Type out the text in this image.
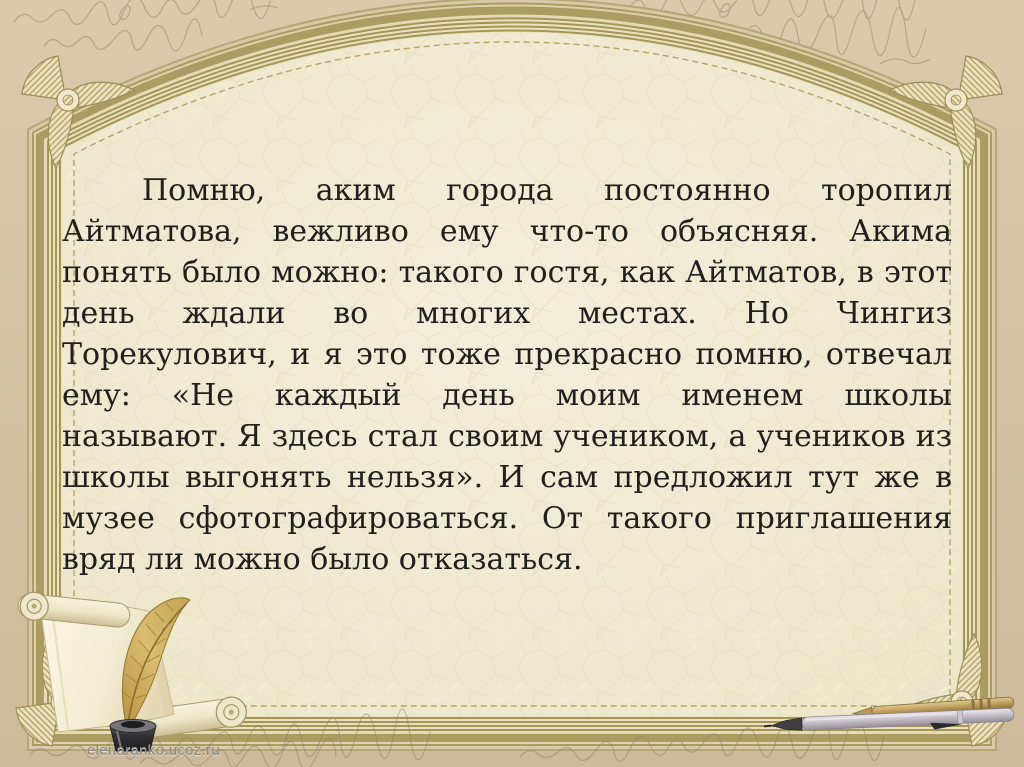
Помню, аким города постоянно торопил
Айтматова, вежливо ему что-то объясняя. Акима
понять было можно: такого гостя, как Айтматов, в этот
день ждали во многих местах. Но Чингиз
Торекулович, и я это тоже прекрасно помню, отвечал
ему: «Не каждый день моим именем школы
называют. Я здесь стал своим учеником, а учеников из
школы выгонять нельзя». И сам предложил тут же в
музее сфотографироваться. От такого приглашения
вряд ли можно было отказаться.
elenaranko.ucoz.ru
